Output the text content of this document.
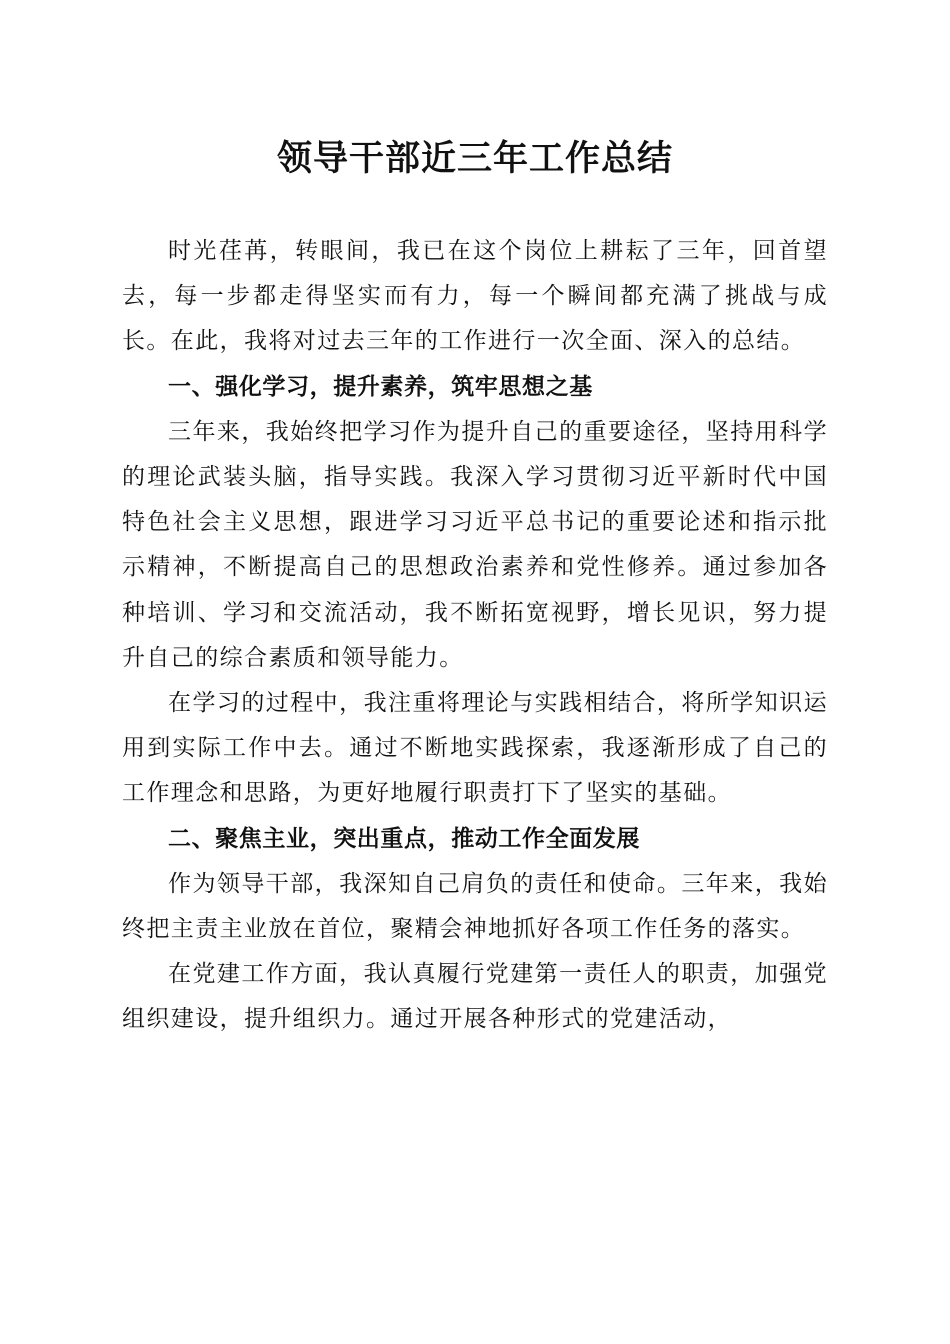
领导干部近三年工作总结

时光荏苒，转眼间，我已在这个岗位上耕耘了三年，回首望去，每一步都走得坚实而有力，每一个瞬间都充满了挑战与成长。在此，我将对过去三年的工作进行一次全面、深入的总结。

一、强化学习，提升素养，筑牢思想之基

三年来，我始终把学习作为提升自己的重要途径，坚持用科学的理论武装头脑，指导实践。我深入学习贯彻习近平新时代中国特色社会主义思想，跟进学习习近平总书记的重要论述和指示批示精神，不断提高自己的思想政治素养和党性修养。通过参加各种培训、学习和交流活动，我不断拓宽视野，增长见识，努力提升自己的综合素质和领导能力。

在学习的过程中，我注重将理论与实践相结合，将所学知识运用到实际工作中去。通过不断地实践探索，我逐渐形成了自己的工作理念和思路，为更好地履行职责打下了坚实的基础。

二、聚焦主业，突出重点，推动工作全面发展

作为领导干部，我深知自己肩负的责任和使命。三年来，我始终把主责主业放在首位，聚精会神地抓好各项工作任务的落实。

在党建工作方面，我认真履行党建第一责任人的职责，加强党组织建设，提升组织力。通过开展各种形式的党建活动，
